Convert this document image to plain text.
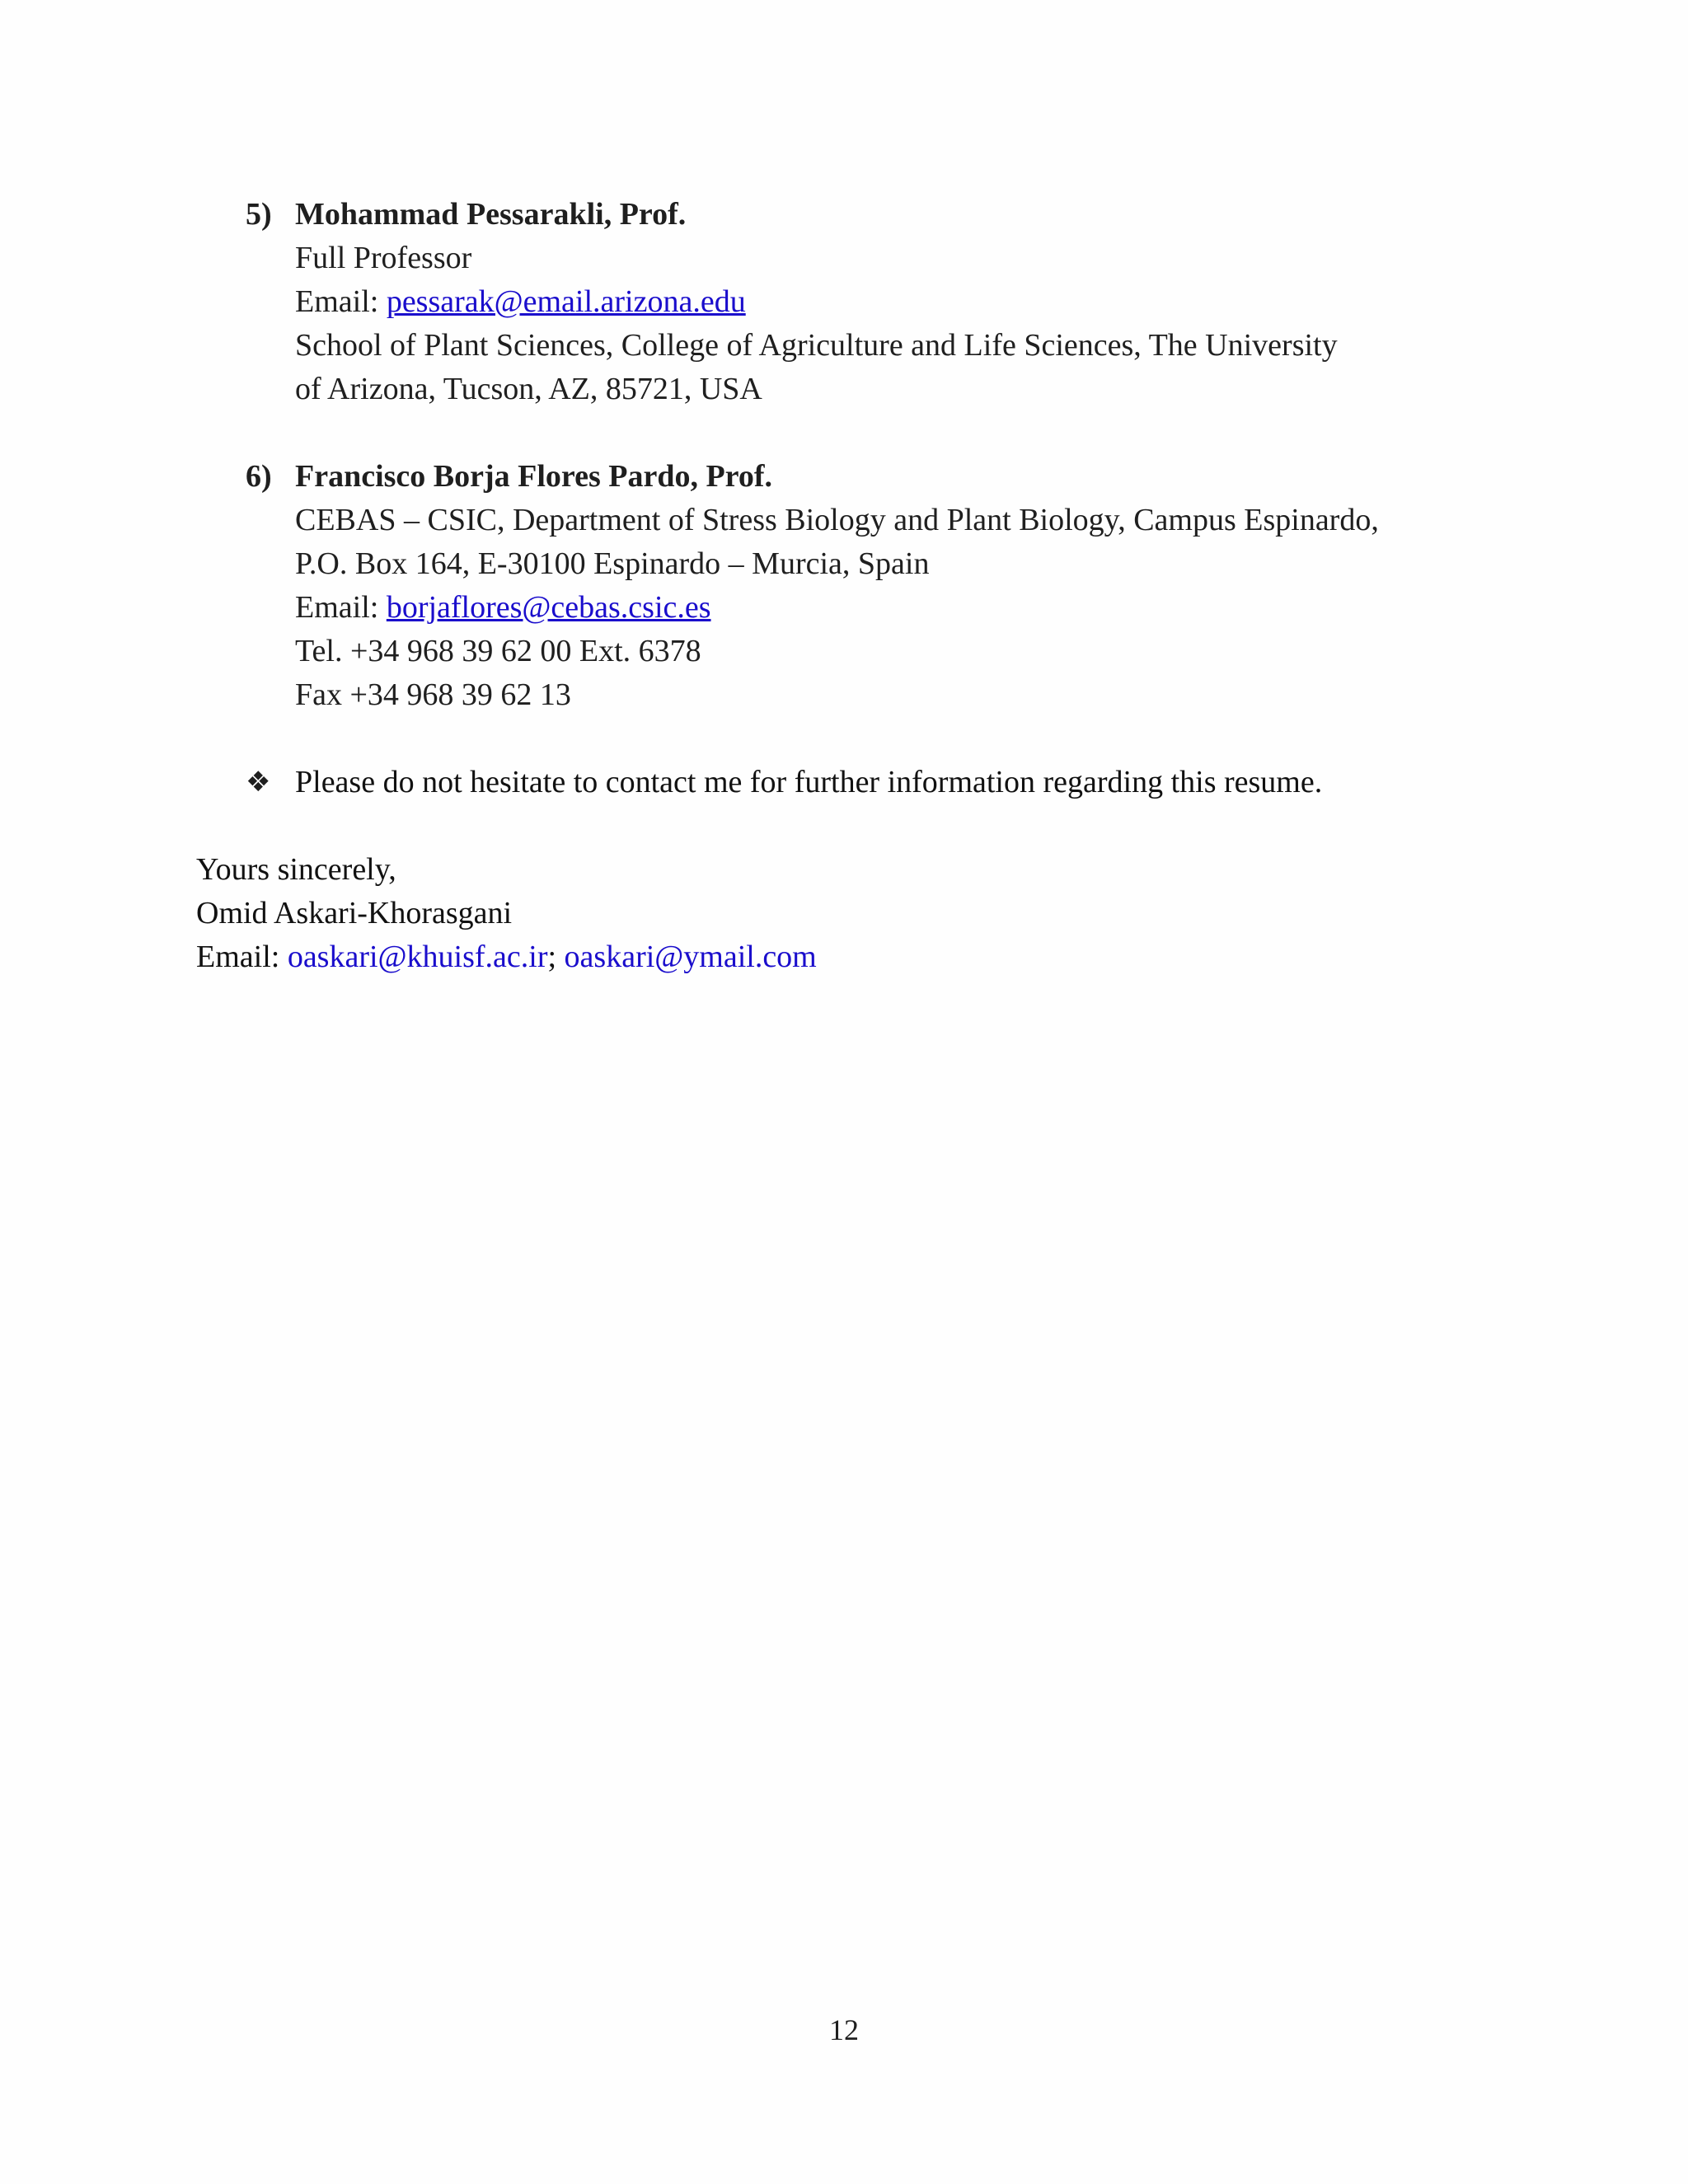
5) Mohammad Pessarakli, Prof.
Full Professor
Email: pessarak@email.arizona.edu
School of Plant Sciences, College of Agriculture and Life Sciences, The University
of Arizona, Tucson, AZ, 85721, USA
6) Francisco Borja Flores Pardo, Prof.
CEBAS – CSIC, Department of Stress Biology and Plant Biology, Campus Espinardo,
P.O. Box 164, E-30100 Espinardo – Murcia, Spain
Email: borjaflores@cebas.csic.es
Tel. +34 968 39 62 00 Ext. 6378
Fax +34 968 39 62 13
❖ Please do not hesitate to contact me for further information regarding this resume.
Yours sincerely,
Omid Askari-Khorasgani
Email: oaskari@khuisf.ac.ir; oaskari@ymail.com
12
